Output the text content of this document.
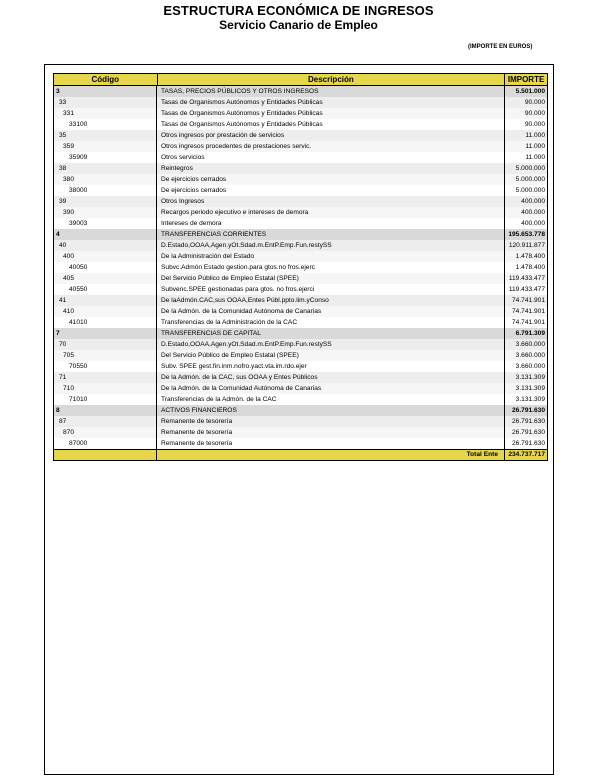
ESTRUCTURA ECONÓMICA DE INGRESOS
Servicio Canario de Empleo
(IMPORTE EN EUROS)
Código	Descripción	IMPORTE
3	TASAS, PRECIOS PÚBLICOS Y OTROS INGRESOS	5.501.000
33	Tasas de Organismos Autónomos y Entidades Públicas	90.000
331	Tasas de Organismos Autónomos y Entidades Públicas	90.000
33100	Tasas de Organismos Autónomos y Entidades Públicas	90.000
35	Otros ingresos por prestación de servicios	11.000
359	Otros ingresos procedentes de prestaciones servic.	11.000
35909	Otros servicios	11.000
38	Reintegros	5.000.000
380	De ejercicios cerrados	5.000.000
38000	De ejercicios cerrados	5.000.000
39	Otros Ingresos	400.000
390	Recargos periodo ejecutivo e intereses de demora	400.000
39003	Intereses de demora	400.000
4	TRANSFERENCIAS CORRIENTES	195.653.778
40	D.Estado,OOAA,Agen.yOt.Sdad.m.EntP.Emp.Fun.restySS	120.911.877
400	De la Administración del Estado	1.478.400
40050	Subvc.Admón Estado gestion.para gtos.no fros.ejerc	1.478.400
405	Del Servicio Público de Empleo Estatal (SPEE)	119.433.477
40550	Subvenc.SPEE gestionadas para gtos. no fros.ejerci	119.433.477
41	De laAdmón.CAC,sus OOAA,Entes Públ.ppto.lim.yConso	74.741.901
410	De la Admón. de la Comunidad Autónoma de Canarias	74.741.901
41010	Transferencias de la Administración de la CAC	74.741.901
7	TRANSFERENCIAS DE CAPITAL	6.791.309
70	D.Estado,OOAA,Agen.yOt.Sdad.m.EntP.Emp.Fun.restySS	3.660.000
705	Del Servicio Público de Empleo Estatal (SPEE)	3.660.000
70550	Subv. SPEE gest.fin.inm.nofro.yact.vta.im.rdo.ejer	3.660.000
71	De la Admón. de la CAC, sus OOAA y Entes Públicos	3.131.309
710	De la Admón. de la Comunidad Autónoma de Canarias	3.131.309
71010	Transferencias de la Admón. de la CAC	3.131.309
8	ACTIVOS FINANCIEROS	26.791.630
87	Remanente de tesorería	26.791.630
870	Remanente de tesorería	26.791.630
87000	Remanente de tesorería	26.791.630
Total Ente	234.737.717
